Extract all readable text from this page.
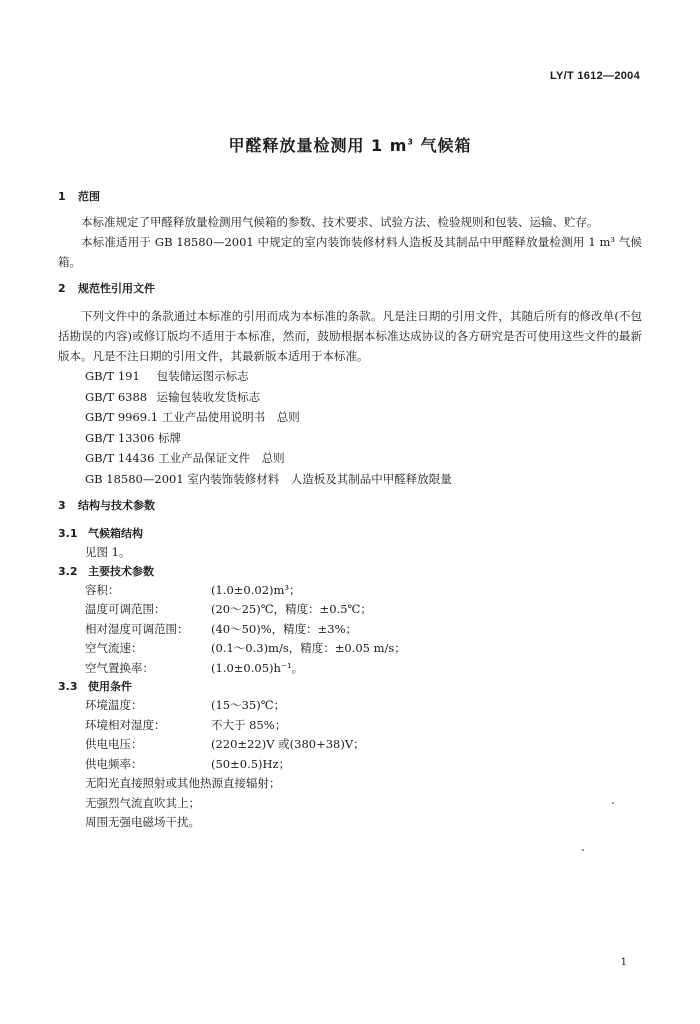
LY/T 1612—2004
甲醛释放量检测用 1 $m^3$ 气候箱
1 范围

本标准规定了甲醛释放量检测用气候箱的参数、技术要求、试验方法、检验规则和包装、运输、贮存。

本标准适用于 GB 18580—2001 中规定的室内装饰装修材料人造板及其制品中甲醛释放量检测用 1 m³ 气候箱。

2 规范性引用文件

下列文件中的条款通过本标准的引用而成为本标准的条款。凡是注日期的引用文件，其随后所有的修改单(不包括勘误的内容)或修订版均不适用于本标准，然而，鼓励根据本标准达成协议的各方研究是否可使用这些文件的最新版本。凡是不注日期的引用文件，其最新版本适用于本标准。

GB/T 191 包装储运图示标志
GB/T 6388 运输包装收发货标志
GB/T 9969.1 工业产品使用说明书　总则
GB/T 13306 标牌
GB/T 14436 工业产品保证文件　总则
GB 18580—2001 室内装饰装修材料　人造板及其制品中甲醛释放限量
3 结构与技术参数
3.1 气候箱结构
见图 1。
3.2 主要技术参数
容积：	(1.0±0.02)m³；
温度可调范围：	(20～25)℃，精度：±0.5℃；
相对湿度可调范围：	(40～50)%，精度：±3%；
空气流速：	(0.1～0.3)m/s，精度：±0.05 m/s；
空气置换率：	(1.0±0.05)h⁻¹。
3.3 使用条件
环境温度：	(15～35)℃；
环境相对湿度：	不大于 85%；
供电电压：	(220±22)V 或(380+38)V；
供电频率：	(50±0.5)Hz；
无阳光直接照射或其他热源直接辐射；
无强烈气流直吹其上；
周围无强电磁场干扰。
1
